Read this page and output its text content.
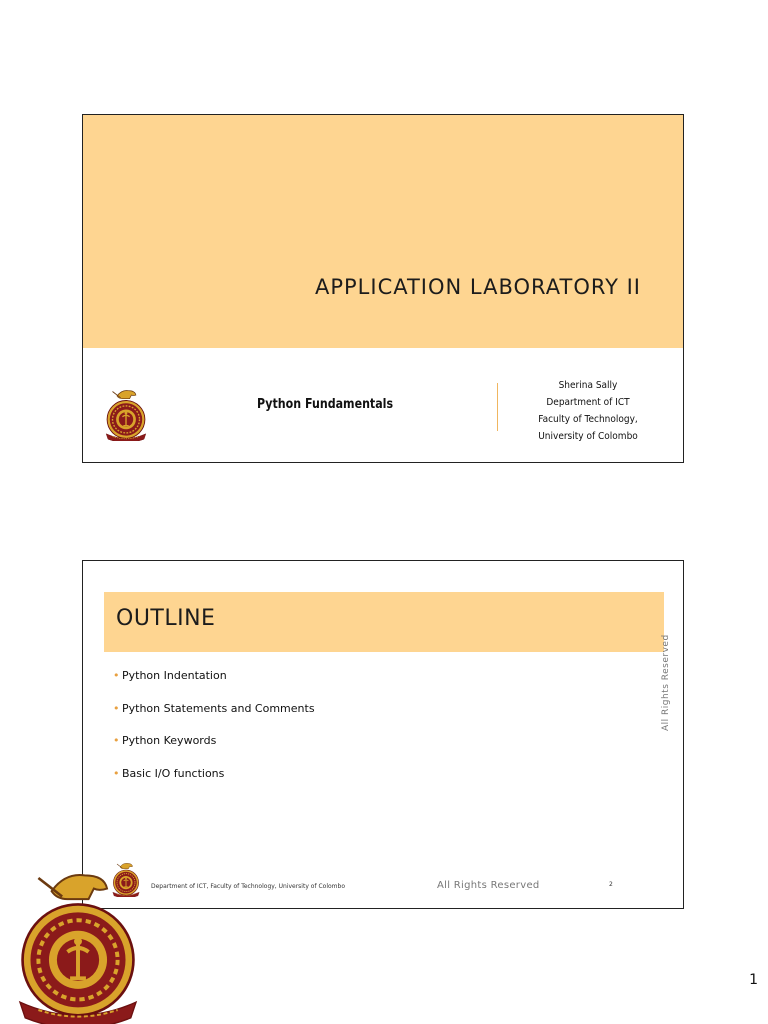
APPLICATION LABORATORY II
Python Fundamentals
Sherina Sally
Department of ICT
Faculty of Technology,
University of Colombo
OUTLINE
• Python Indentation
• Python Statements and Comments
• Python Keywords
• Basic I/O functions
All Rights Reserved
Department of ICT, Faculty of Technology, University of Colombo	All Rights Reserved	2
1
